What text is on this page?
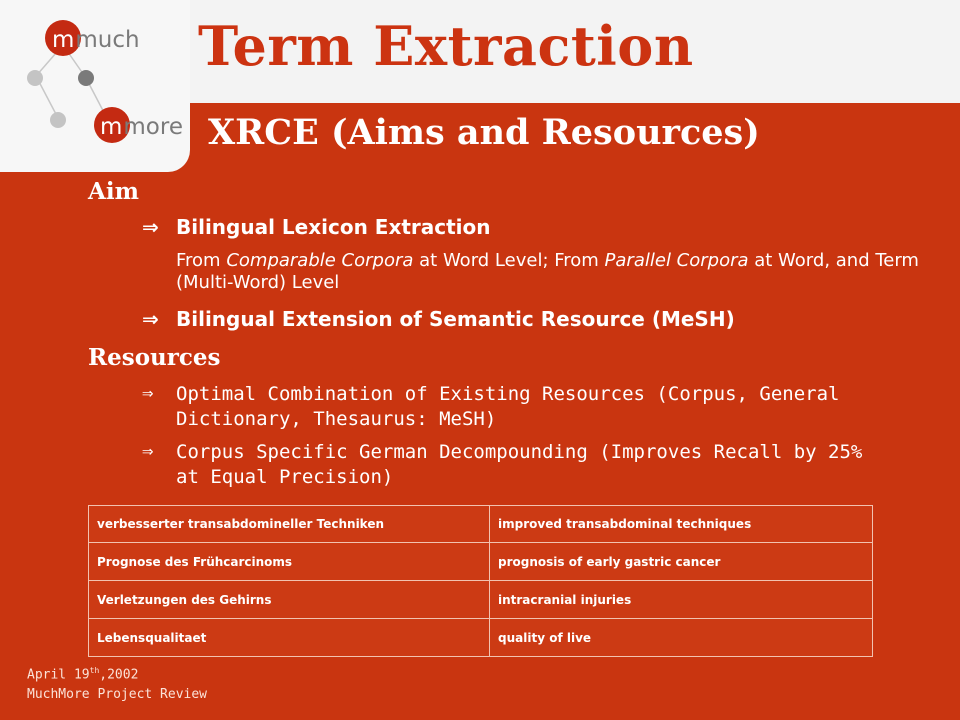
mmuch
mmore
Term Extraction
XRCE (Aims and Resources)
Aim
⇒ Bilingual Lexicon Extraction
From Comparable Corpora at Word Level; From Parallel Corpora at Word, and Term (Multi-Word) Level
⇒ Bilingual Extension of Semantic Resource (MeSH)
Resources
⇒ Optimal Combination of Existing Resources (Corpus, General Dictionary, Thesaurus: MeSH)
⇒ Corpus Specific German Decompounding (Improves Recall by 25% at Equal Precision)
verbesserter transabdomineller Techniken	improved transabdominal techniques
Prognose des Frühcarcinoms	prognosis of early gastric cancer
Verletzungen des Gehirns	intracranial injuries
Lebensqualitaet	quality of live
April 19th,2002
MuchMore Project Review
